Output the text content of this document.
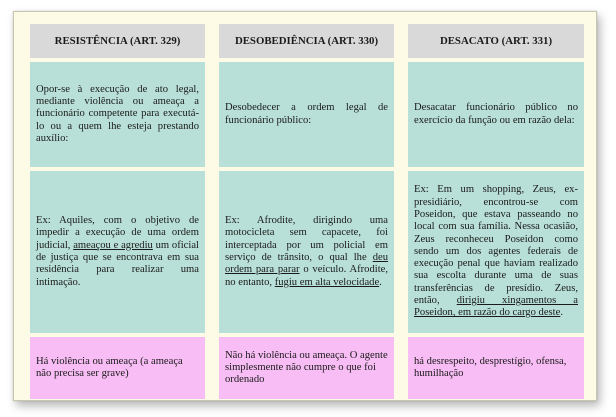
RESISTÊNCIA (ART. 329)	DESOBEDIÊNCIA (ART. 330)	DESACATO (ART. 331)
Opor-se à execução de ato legal, mediante violência ou ameaça a funcionário competente para executá-lo ou a quem lhe esteja prestando auxílio:
Desobedecer a ordem legal de funcionário público:
Desacatar funcionário público no exercício da função ou em razão dela:
Ex: Aquiles, com o objetivo de impedir a execução de uma ordem judicial, ameaçou e agrediu um oficial de justiça que se encontrava em sua residência para realizar uma intimação.
Ex: Afrodite, dirigindo uma motocicleta sem capacete, foi interceptada por um policial em serviço de trânsito, o qual lhe deu ordem para parar o veículo. Afrodite, no entanto, fugiu em alta velocidade.
Ex: Em um shopping, Zeus, ex-presidiário, encontrou-se com Poseidon, que estava passeando no local com sua família. Nessa ocasião, Zeus reconheceu Poseidon como sendo um dos agentes federais de execução penal que haviam realizado sua escolta durante uma de suas transferências de presídio. Zeus, então, dirigiu xingamentos a Poseidon, em razão do cargo deste.
Há violência ou ameaça (a ameaça não precisa ser grave)
Não há violência ou ameaça. O agente simplesmente não cumpre o que foi ordenado
há desrespeito, desprestígio, ofensa, humilhação
